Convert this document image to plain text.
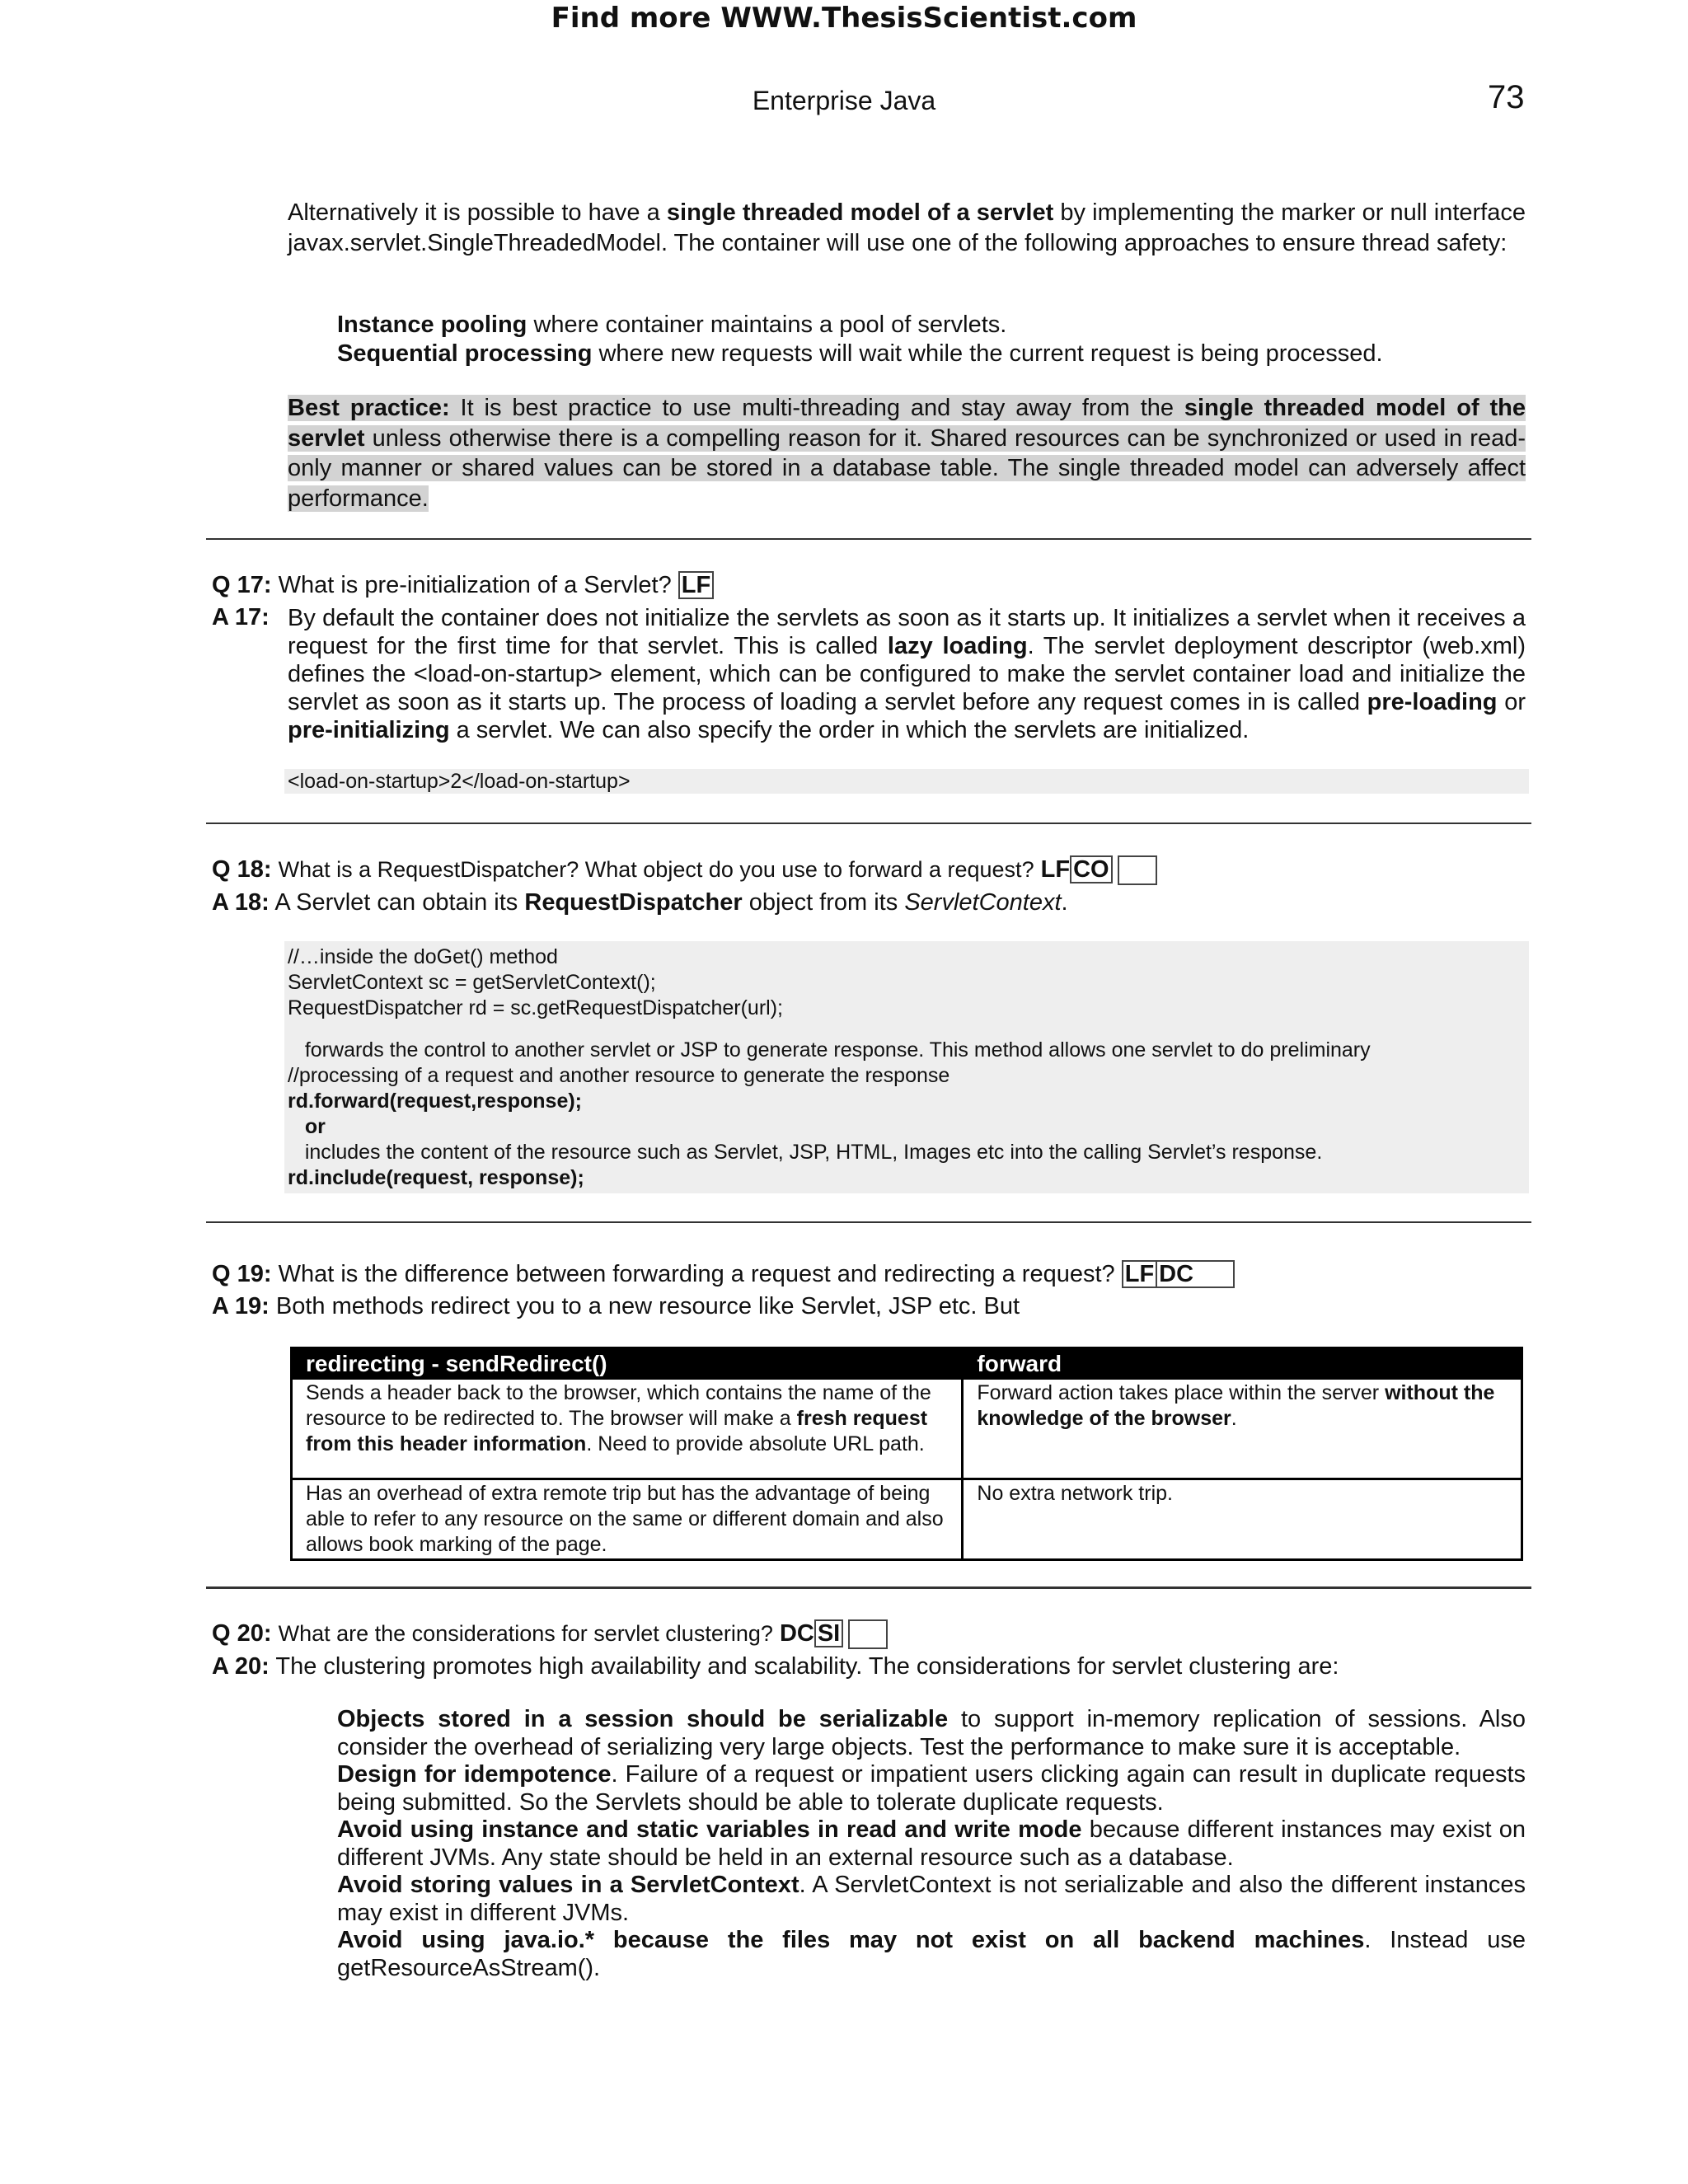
Find more WWW.ThesisScientist.com
Enterprise Java	73
Alternatively it is possible to have a single threaded model of a servlet by implementing the marker or null interface javax.servlet.SingleThreadedModel. The container will use one of the following approaches to ensure thread safety:

Instance pooling where container maintains a pool of servlets.

Sequential processing where new requests will wait while the current request is being processed.

Best practice: It is best practice to use multi-threading and stay away from the single threaded model of the servlet unless otherwise there is a compelling reason for it. Shared resources can be synchronized or used in read-only manner or shared values can be stored in a database table. The single threaded model can adversely affect performance.
Q 17: What is pre-initialization of a Servlet? LF
A 17: By default the container does not initialize the servlets as soon as it starts up. It initializes a servlet when it receives a request for the first time for that servlet. This is called lazy loading. The servlet deployment descriptor (web.xml) defines the <load-on-startup> element, which can be configured to make the servlet container load and initialize the servlet as soon as it starts up. The process of loading a servlet before any request comes in is called pre-loading or pre-initializing a servlet. We can also specify the order in which the servlets are initialized.
<load-on-startup>2</load-on-startup>
Q 18: What is a RequestDispatcher? What object do you use to forward a request? LF CO
A 18: A Servlet can obtain its RequestDispatcher object from its ServletContext.
//…inside the doGet() method
ServletContext sc = getServletContext();
RequestDispatcher rd = sc.getRequestDispatcher(url);
forwards the control to another servlet or JSP to generate response. This method allows one servlet to do preliminary
//processing of a request and another resource to generate the response
rd.forward(request,response);
or
includes the content of the resource such as Servlet, JSP, HTML, Images etc into the calling Servlet’s response.
rd.include(request, response);
Q 19: What is the difference between forwarding a request and redirecting a request? LF DC
A 19: Both methods redirect you to a new resource like Servlet, JSP etc. But
redirecting - sendRedirect()	forward
Sends a header back to the browser, which contains the name of the resource to be redirected to. The browser will make a fresh request from this header information. Need to provide absolute URL path.	Forward action takes place within the server without the knowledge of the browser.
Has an overhead of extra remote trip but has the advantage of being able to refer to any resource on the same or different domain and also allows book marking of the page.	No extra network trip.
Q 20: What are the considerations for servlet clustering? DC SI
A 20: The clustering promotes high availability and scalability. The considerations for servlet clustering are:

Objects stored in a session should be serializable to support in-memory replication of sessions. Also consider the overhead of serializing very large objects. Test the performance to make sure it is acceptable.

Design for idempotence. Failure of a request or impatient users clicking again can result in duplicate requests being submitted. So the Servlets should be able to tolerate duplicate requests.

Avoid using instance and static variables in read and write mode because different instances may exist on different JVMs. Any state should be held in an external resource such as a database.

Avoid storing values in a ServletContext. A ServletContext is not serializable and also the different instances may exist in different JVMs.

Avoid using java.io.* because the files may not exist on all backend machines. Instead use getResourceAsStream().
